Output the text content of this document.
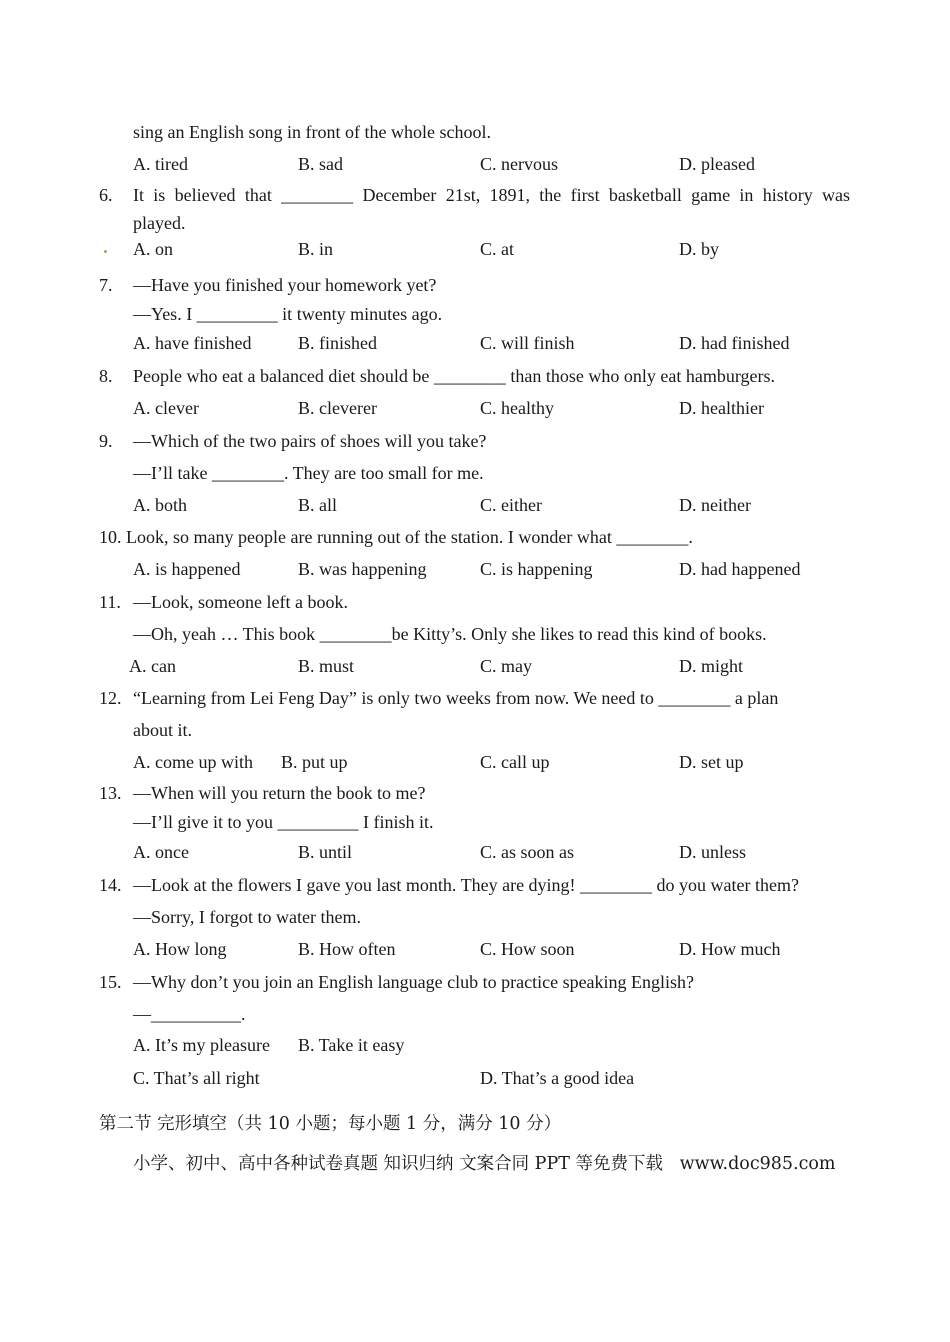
sing an English song in front of the whole school.
A. tired	B. sad	C. nervous	D. pleased
6. It is believed that ________ December 21st, 1891, the first basketball game in history was
played.
A. on	B. in	C. at	D. by
7. —Have you finished your homework yet?
—Yes. I _________ it twenty minutes ago.
A. have finished	B. finished	C. will finish	D. had finished
8. People who eat a balanced diet should be ________ than those who only eat hamburgers.
A. clever	B. cleverer	C. healthy	D. healthier
9. —Which of the two pairs of shoes will you take?
—I’ll take ________. They are too small for me.
A. both	B. all	C. either	D. neither
10. Look, so many people are running out of the station. I wonder what ________.
A. is happened	B. was happening	C. is happening	D. had happened
11. —Look, someone left a book.
—Oh, yeah … This book ________be Kitty’s. Only she likes to read this kind of books.
A. can	B. must	C. may	D. might
12. “Learning from Lei Feng Day” is only two weeks from now. We need to ________ a plan
about it.
A. come up with B. put up	C. call up	D. set up
13. —When will you return the book to me?
—I’ll give it to you _________ I finish it.
A. once	B. until	C. as soon as	D. unless
14. —Look at the flowers I gave you last month. They are dying! ________ do you water them?
—Sorry, I forgot to water them.
A. How long	B. How often	C. How soon	D. How much
15. —Why don’t you join an English language club to practice speaking English?
—__________.
A. It’s my pleasure B. Take it easy
C. That’s all right	D. That’s a good idea
第二节 完形填空（共 10 小题；每小题 1 分，满分 10 分）
小学、初中、高中各种试卷真题 知识归纳 文案合同 PPT 等免费下载   www.doc985.com
